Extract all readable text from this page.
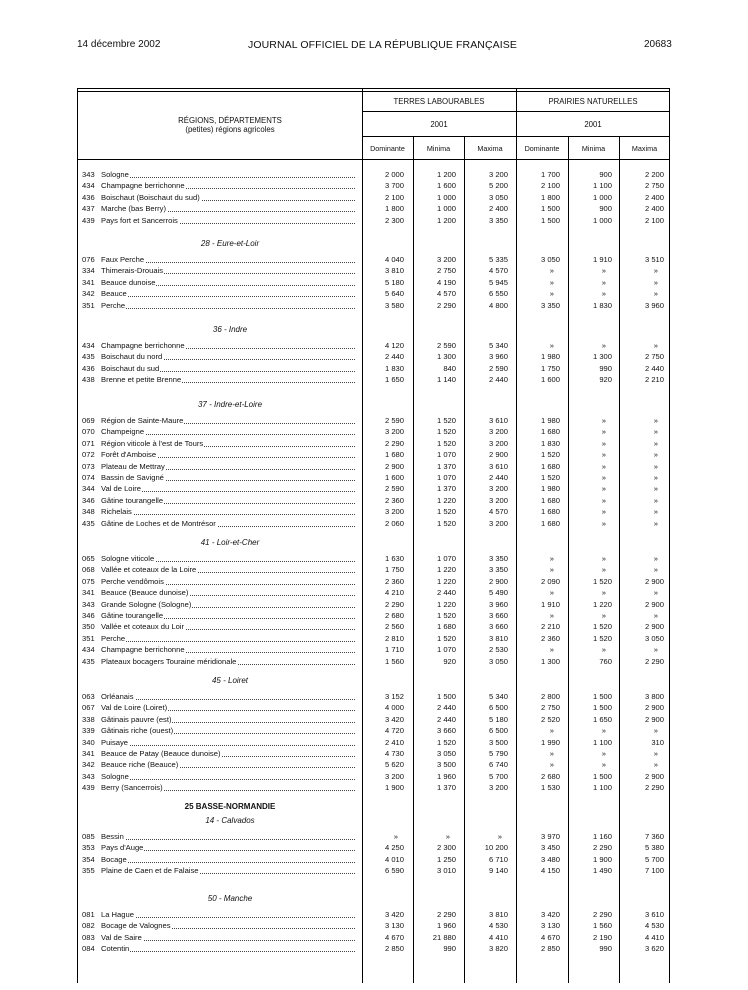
14 décembre 2002	JOURNAL OFFICIEL DE LA RÉPUBLIQUE FRANÇAISE	20683
RÉGIONS, DÉPARTEMENTS
(petites) régions agricoles
TERRES LABOURABLES	PRAIRIES NATURELLES
2001	2001
Dominante	Minima	Maxima	Dominante	Minima	Maxima
343 Sologne	2 000	1 200	3 200	1 700	900	2 200
434 Champagne berrichonne	3 700	1 600	5 200	2 100	1 100	2 750
436 Boischaut (Boischaut du sud)	2 100	1 000	3 050	1 800	1 000	2 400
437 Marche (bas Berry)	1 800	1 000	2 400	1 500	900	2 400
439 Pays fort et Sancerrois	2 300	1 200	3 350	1 500	1 000	2 100
28 - Eure-et-Loir
076 Faux Perche	4 040	3 200	5 335	3 050	1 910	3 510
334 Thimerais-Drouais	3 810	2 750	4 570	»	»	»
341 Beauce dunoise	5 180	4 190	5 945	»	»	»
342 Beauce	5 640	4 570	6 550	»	»	»
351 Perche	3 580	2 290	4 800	3 350	1 830	3 960
36 - Indre
434 Champagne berrichonne	4 120	2 590	5 340	»	»	»
435 Boischaut du nord	2 440	1 300	3 960	1 980	1 300	2 750
436 Boischaut du sud	1 830	840	2 590	1 750	990	2 440
438 Brenne et petite Brenne	1 650	1 140	2 440	1 600	920	2 210
37 - Indre-et-Loire
069 Région de Sainte-Maure	2 590	1 520	3 610	1 980	»	»
070 Champeigne	3 200	1 520	3 200	1 680	»	»
071 Région viticole à l'est de Tours	2 290	1 520	3 200	1 830	»	»
072 Forêt d'Amboise	1 680	1 070	2 900	1 520	»	»
073 Plateau de Mettray	2 900	1 370	3 610	1 680	»	»
074 Bassin de Savigné	1 600	1 070	2 440	1 520	»	»
344 Val de Loire	2 590	1 370	3 200	1 980	»	»
346 Gâtine tourangelle	2 360	1 220	3 200	1 680	»	»
348 Richelais	3 200	1 520	4 570	1 680	»	»
435 Gâtine de Loches et de Montrésor	2 060	1 520	3 200	1 680	»	»
41 - Loir-et-Cher
065 Sologne viticole	1 630	1 070	3 350	»	»	»
068 Vallée et coteaux de la Loire	1 750	1 220	3 350	»	»	»
075 Perche vendômois	2 360	1 220	2 900	2 090	1 520	2 900
341 Beauce (Beauce dunoise)	4 210	2 440	5 490	»	»	»
343 Grande Sologne (Sologne)	2 290	1 220	3 960	1 910	1 220	2 900
346 Gâtine tourangelle	2 680	1 520	3 660	»	»	»
350 Vallée et coteaux du Loir	2 560	1 680	3 660	2 210	1 520	2 900
351 Perche	2 810	1 520	3 810	2 360	1 520	3 050
434 Champagne berrichonne	1 710	1 070	2 530	»	»	»
435 Plateaux bocagers Touraine méridionale	1 560	920	3 050	1 300	760	2 290
45 - Loiret
063 Orléanais	3 152	1 500	5 340	2 800	1 500	3 800
067 Val de Loire (Loiret)	4 000	2 440	6 500	2 750	1 500	2 900
338 Gâtinais pauvre (est)	3 420	2 440	5 180	2 520	1 650	2 900
339 Gâtinais riche (ouest)	4 720	3 660	6 500	»	»	»
340 Puisaye	2 410	1 520	3 500	1 990	1 100	310
341 Beauce de Patay (Beauce dunoise)	4 730	3 050	5 790	»	»	»
342 Beauce riche (Beauce)	5 620	3 500	6 740	»	»	»
343 Sologne	3 200	1 960	5 700	2 680	1 500	2 900
439 Berry (Sancerrois)	1 900	1 370	3 200	1 530	1 100	2 290
25 BASSE-NORMANDIE
14 - Calvados
085 Bessin	»	»	»	3 970	1 160	7 360
353 Pays d'Auge	4 250	2 300	10 200	3 450	2 290	5 380
354 Bocage	4 010	1 250	6 710	3 480	1 900	5 700
355 Plaine de Caen et de Falaise	6 590	3 010	9 140	4 150	1 490	7 100
50 - Manche
081 La Hague	3 420	2 290	3 810	3 420	2 290	3 610
082 Bocage de Valognes	3 130	1 960	4 530	3 130	1 560	4 530
083 Val de Saire	4 670	21 880	4 410	4 670	2 190	4 410
084 Cotentin	2 850	990	3 820	2 850	990	3 620
